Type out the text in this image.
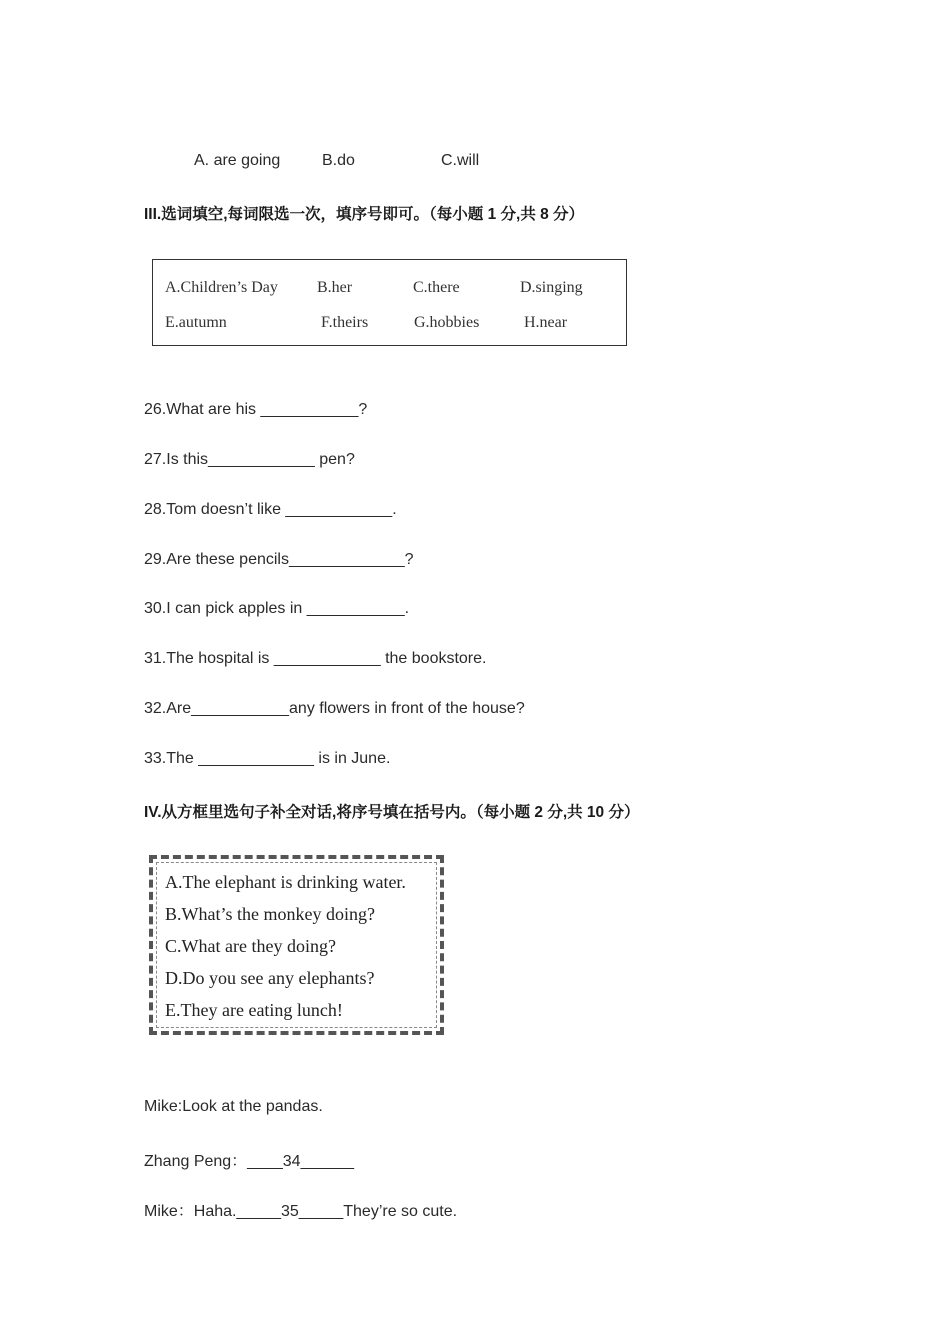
A. are going	B.do	C.will
III.选词填空,每词限选一次，填序号即可。（每小题 1 分,共 8 分）
A.Children’s Day B.her	C.there	D.singing
E.autumn	F.theirs	G.hobbies	H.near
26.What are his ___________?
27.Is this____________ pen?
28.Tom doesn’t like ____________.
29.Are these pencils_____________?
30.I can pick apples in ___________.
31.The hospital is ____________ the bookstore.
32.Are___________any flowers in front of the house?
33.The _____________ is in June.
IV.从方框里选句子补全对话,将序号填在括号内。（每小题 2 分,共 10 分）
A.The elephant is drinking water.
B.What’s the monkey doing?
C.What are they doing?
D.Do you see any elephants?
E.They are eating lunch!
Mike:Look at the pandas.
Zhang Peng：____34______
Mike：Haha._____35_____They’re so cute.
